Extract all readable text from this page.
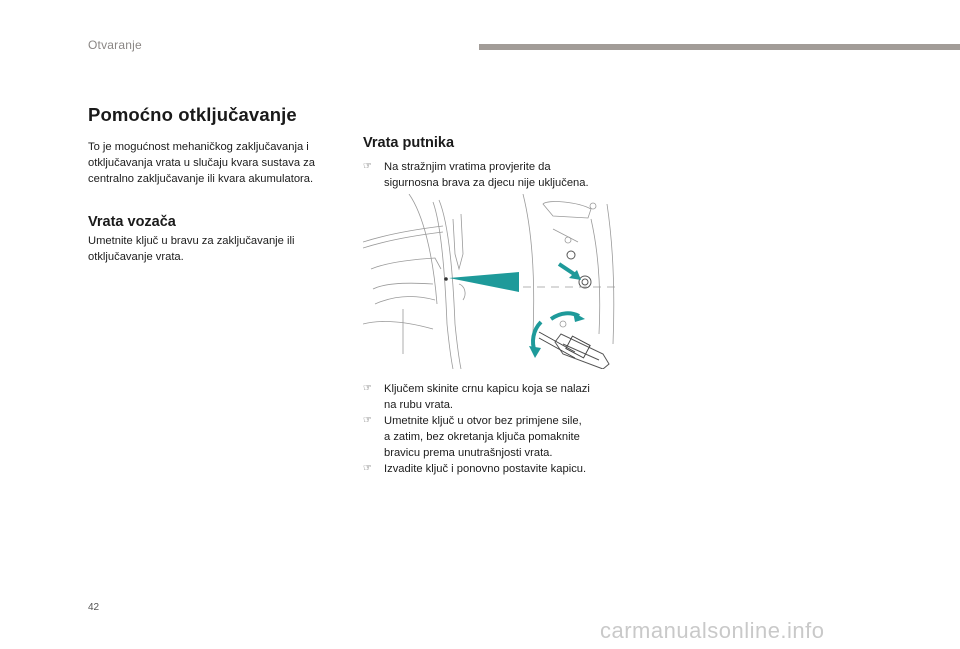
Otvaranje
Pomoćno otključavanje

To je mogućnost mehaničkog zaključavanja i

otključavanja vrata u slučaju kvara sustava za

centralno zaključavanje ili kvara akumulatora.

Vrata vozača

Umetnite ključ u bravu za zaključavanje ili

otključavanje vrata.

Vrata putnika
☞ Na stražnjim vratima provjerite da
sigurnosna brava za djecu nije uključena.
☞ Ključem skinite crnu kapicu koja se nalazi
na rubu vrata.
☞ Umetnite ključ u otvor bez primjene sile,
a zatim, bez okretanja ključa pomaknite
bravicu prema unutrašnjosti vrata.
☞ Izvadite ključ i ponovno postavite kapicu.
42
carmanualsonline.info
